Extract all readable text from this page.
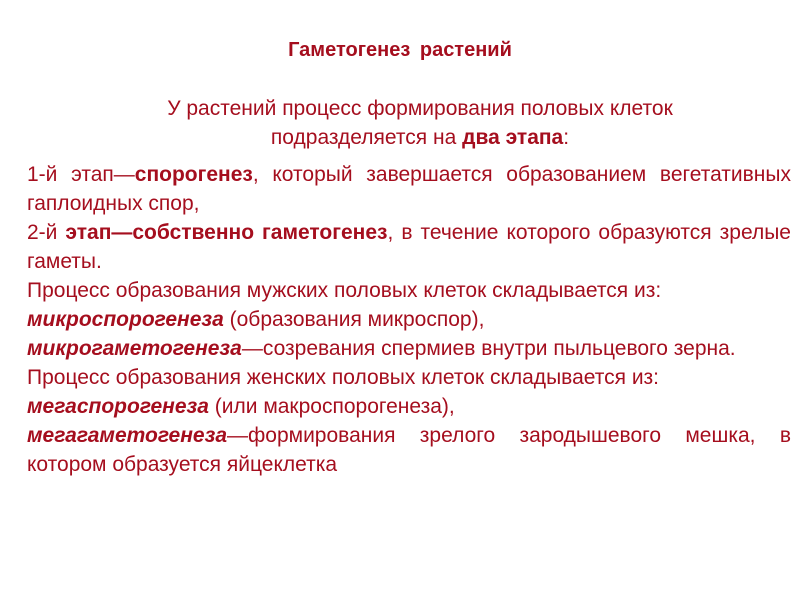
Гаметогенез растений
У растений процесс формирования половых клеток
подразделяется на два этапа:

1-й этап—спорогенез, который завершается образованием вегетативных гаплоидных спор,

2-й этап—собственно гаметогенез, в течение которого образуются зрелые гаметы.

Процесс образования мужских половых клеток складывается из:

микроспорогенеза (образования микроспор),

микрогаметогенеза—созревания спермиев внутри пыльцевого зерна.

Процесс образования женских половых клеток складывается из:

мегаспорогенеза (или макроспорогенеза),

мегагаметогенеза—формирования зрелого зародышевого мешка, в котором образуется яйцеклетка
